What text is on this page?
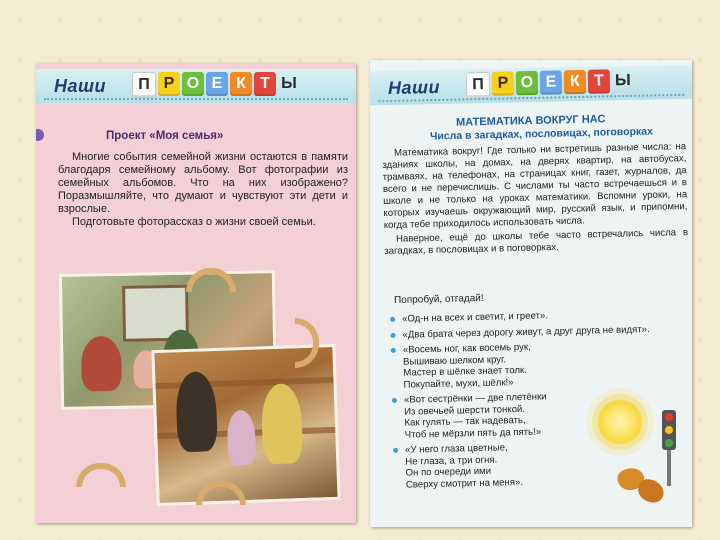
Наши	П Р О Е К Т Ы
Проект «Моя семья»

Многие события семейной жизни остаются в памяти благодаря семейному альбому. Вот фотографии из семейных альбомов. Что на них изображено? Поразмышляйте, что думают и чувствуют эти дети и взрослые.

Подготовьте фоторассказ о жизни своей семьи.

Наши	П Р О Е К Т Ы
МАТЕМАТИКА ВОКРУГ НАС
Числа в загадках, пословицах, поговорках

Математика вокруг! Где только ни встретишь разные числа: на зданиях школы, на домах, на дверях квартир, на автобусах, трамваях, на телефонах, на страницах книг, газет, журналов, да всего и не перечислишь. С числами ты часто встречаешься и в школе и не только на уроках математики. Вспомни уроки, на которых изучаешь окружающий мир, русский язык, и припомни, когда тебе приходилось использовать числа.

Наверное, ещё до школы тебе часто встречались числа в загадках, в пословицах и в поговорках.

Попробуй, отгадай!
«Од-н на всех и светит, и греет».
«Два брата через дорогу живут, а друг друга не видят».
«Восемь ног, как восемь рук,
Вышиваю шелком круг.
Мастер в шёлке знает толк.
Покупайте, мухи, шёлк!»
«Вот сестрёнки — две плетёнки
Из овечьей шерсти тонкой.
Как гулять — так надевать,
Чтоб не мёрзли пять да пять!»
«У него глаза цветные,
Не глаза, а три огня.
Он по очереди ими
Сверху смотрит на меня».
